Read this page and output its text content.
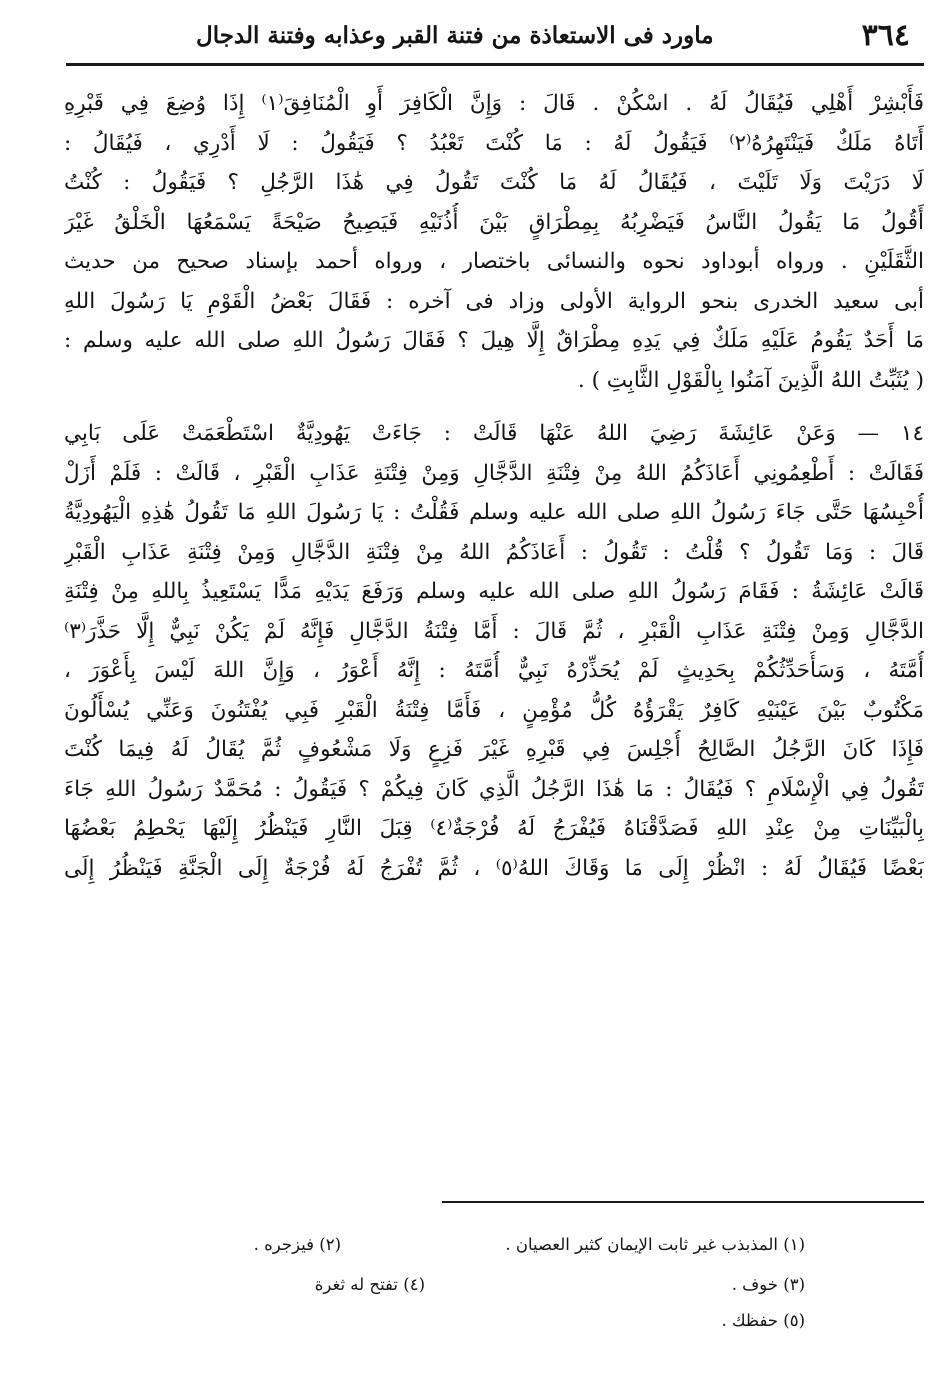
٣٦٤
ماورد فى الاستعاذة من فتنة القبر وعذابه وفتنة الدجال
فَأَبْشِرْ أَهْلِي فَيُقَالُ لَهُ . اسْكُنْ . قَالَ : وَإِنَّ الْكَافِرَ أَوِ الْمُنَافِقَ⁽١⁾ إِذَا وُضِعَ فِي قَبْرِهِ
أَتَاهُ مَلَكٌ فَيَنْتَهِرُهُ⁽٢⁾ فَيَقُولُ لَهُ : مَا كُنْتَ تَعْبُدُ ؟ فَيَقُولُ : لَا أَدْرِي ، فَيُقَالُ :
لَا دَرَيْتَ وَلَا تَلَيْتَ ، فَيُقَالُ لَهُ مَا كُنْتَ تَقُولُ فِي هَٰذَا الرَّجُلِ ؟ فَيَقُولُ : كُنْتُ
أَقُولُ مَا يَقُولُ النَّاسُ فَيَضْرِبُهُ بِمِطْرَاقٍ بَيْنَ أُذُنَيْهِ فَيَصِيحُ صَيْحَةً يَسْمَعُهَا الْخَلْقُ غَيْرَ
الثَّقَلَيْنِ . ورواه أبوداود نحوه والنسائى باختصار ، ورواه أحمد بإسناد صحيح من حديث
أبى سعيد الخدرى بنحو الرواية الأولى وزاد فى آخره : فَقَالَ بَعْضُ الْقَوْمِ يَا رَسُولَ اللهِ
مَا أَحَدٌ يَقُومُ عَلَيْهِ مَلَكٌ فِي يَدِهِ مِطْرَاقٌ إِلَّا هِيلَ ؟ فَقَالَ رَسُولُ اللهِ صلى الله عليه وسلم :
( يُثَبِّتُ اللهُ الَّذِينَ آمَنُوا بِالْقَوْلِ الثَّابِتِ ) .
١٤ — وَعَنْ عَائِشَةَ رَضِيَ اللهُ عَنْهَا قَالَتْ : جَاءَتْ يَهُودِيَّةٌ اسْتَطْعَمَتْ عَلَى بَابِي
فَقَالَتْ : أَطْعِمُونِي أَعَاذَكُمُ اللهُ مِنْ فِتْنَةِ الدَّجَّالِ وَمِنْ فِتْنَةِ عَذَابِ الْقَبْرِ ، قَالَتْ : فَلَمْ أَزَلْ
أُحْبِسُهَا حَتَّى جَاءَ رَسُولُ اللهِ صلى الله عليه وسلم فَقُلْتُ : يَا رَسُولَ اللهِ مَا تَقُولُ هَٰذِهِ الْيَهُودِيَّةُ
قَالَ : وَمَا تَقُولُ ؟ قُلْتُ : تَقُولُ : أَعَاذَكُمُ اللهُ مِنْ فِتْنَةِ الدَّجَّالِ وَمِنْ فِتْنَةِ عَذَابِ الْقَبْرِ
قَالَتْ عَائِشَةُ : فَقَامَ رَسُولُ اللهِ صلى الله عليه وسلم وَرَفَعَ يَدَيْهِ مَدًّا يَسْتَعِيذُ بِاللهِ مِنْ فِتْنَةِ
الدَّجَّالِ وَمِنْ فِتْنَةِ عَذَابِ الْقَبْرِ ، ثُمَّ قَالَ : أَمَّا فِتْنَةُ الدَّجَّالِ فَإِنَّهُ لَمْ يَكُنْ نَبِيٌّ إِلَّا حَذَّرَ⁽٣⁾
أُمَّتَهُ ، وَسَأُحَدِّثُكُمْ بِحَدِيثٍ لَمْ يُحَذِّرْهُ نَبِيٌّ أُمَّتَهُ : إِنَّهُ أَعْوَرُ ، وَإِنَّ اللهَ لَيْسَ بِأَعْوَرَ ،
مَكْتُوبٌ بَيْنَ عَيْنَيْهِ كَافِرٌ يَقْرَؤُهُ كُلُّ مُؤْمِنٍ ، فَأَمَّا فِتْنَةُ الْقَبْرِ فَبِي يُفْتَنُونَ وَعَنِّي يُسْأَلُونَ
فَإِذَا كَانَ الرَّجُلُ الصَّالِحُ أُجْلِسَ فِي قَبْرِهِ غَيْرَ فَزِعٍ وَلَا مَشْعُوفٍ ثُمَّ يُقَالُ لَهُ فِيمَا كُنْتَ
تَقُولُ فِي الْإِسْلَامِ ؟ فَيُقَالُ : مَا هَٰذَا الرَّجُلُ الَّذِي كَانَ فِيكُمْ ؟ فَيَقُولُ : مُحَمَّدٌ رَسُولُ اللهِ جَاءَ
بِالْبَيِّنَاتِ مِنْ عِنْدِ اللهِ فَصَدَّقْنَاهُ فَيُفْرَجُ لَهُ فُرْجَةٌ⁽٤⁾ قِبَلَ النَّارِ فَيَنْظُرُ إِلَيْهَا يَحْطِمُ بَعْضُهَا
بَعْضًا فَيُقَالُ لَهُ : انْظُرْ إِلَى مَا وَقَاكَ اللهُ⁽٥⁾ ، ثُمَّ تُفْرَجُ لَهُ فُرْجَةٌ إِلَى الْجَنَّةِ فَيَنْظُرُ إِلَى
(١) المذبذب غير ثابت الإيمان كثير العصيان .
(٢) فيزجره .
(٣) خوف .
(٤) تفتح له ثغرة
(٥) حفظك .
